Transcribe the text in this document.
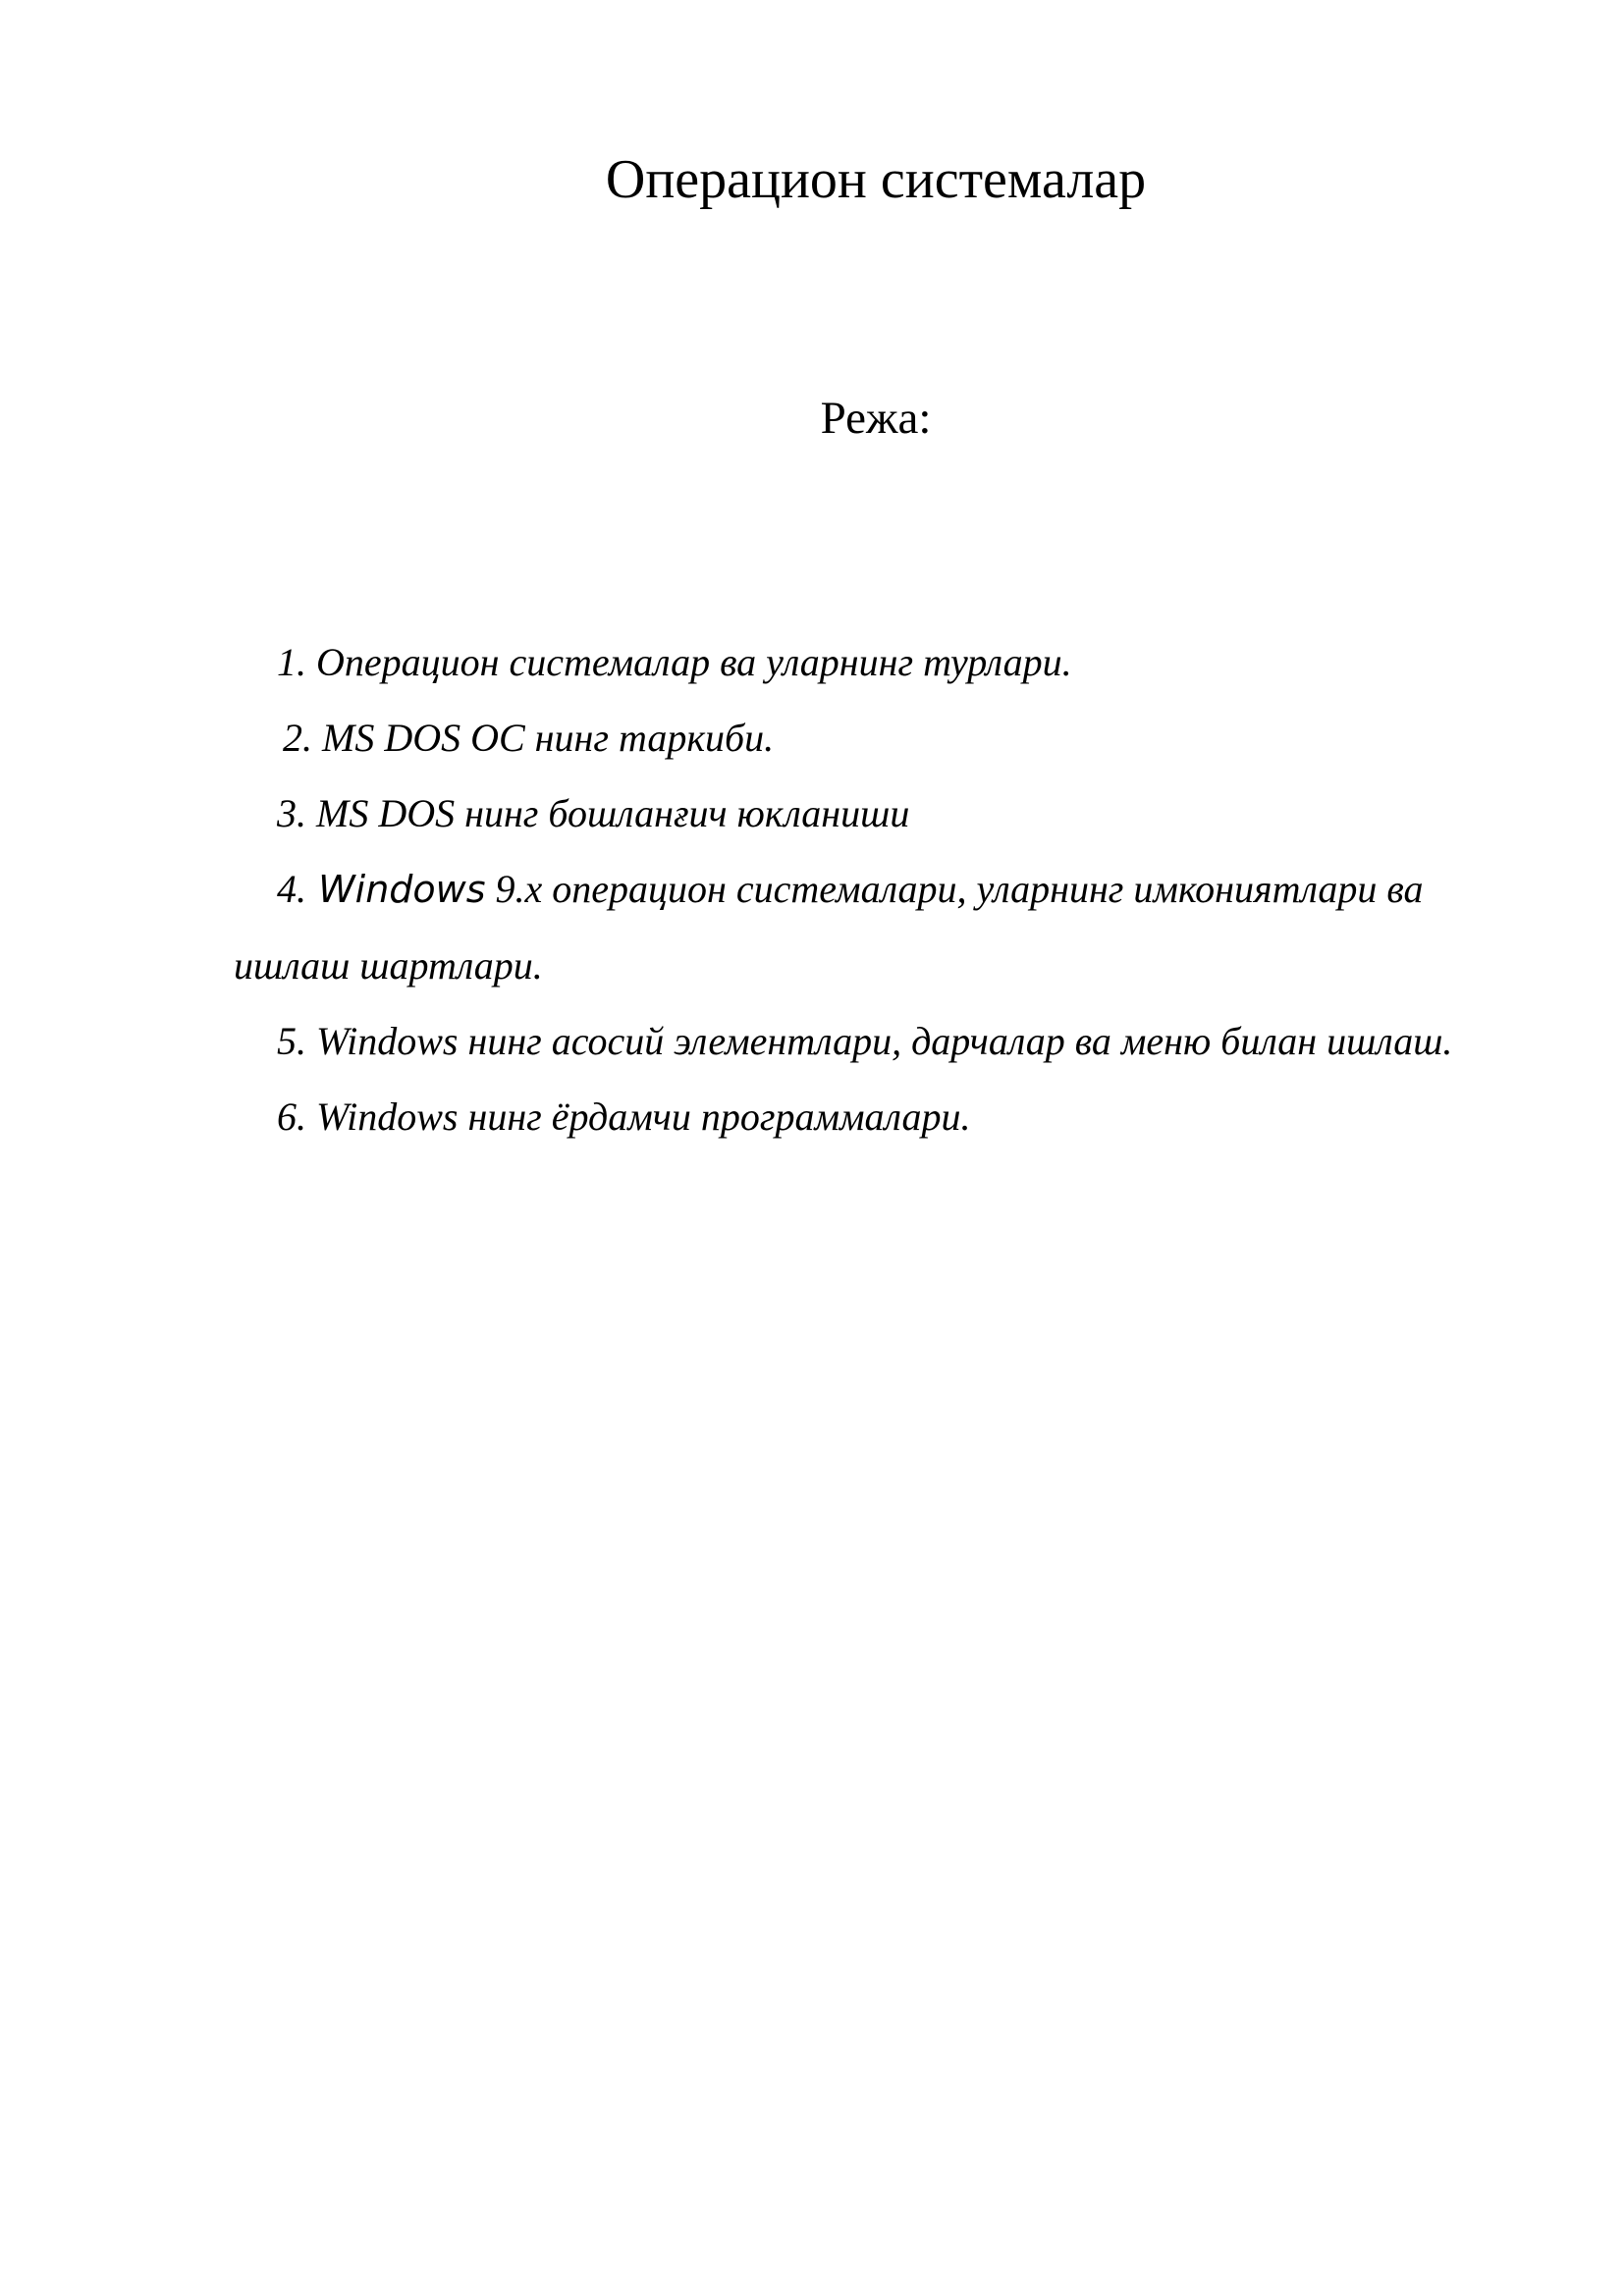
Операцион системалар
Режа:
1. Операцион системалар ва уларнинг турлари.
2. MS DOS ОС нинг таркиби.
3. MS DOS нинг бошланғич юкланиши
4. Windows 9.x операцион системалари, уларнинг имкониятлари ва ишлаш шартлари.
5. Windows нинг асосий элементлари, дарчалар ва меню билан ишлаш.
6. Windows нинг ёрдамчи программалари.
